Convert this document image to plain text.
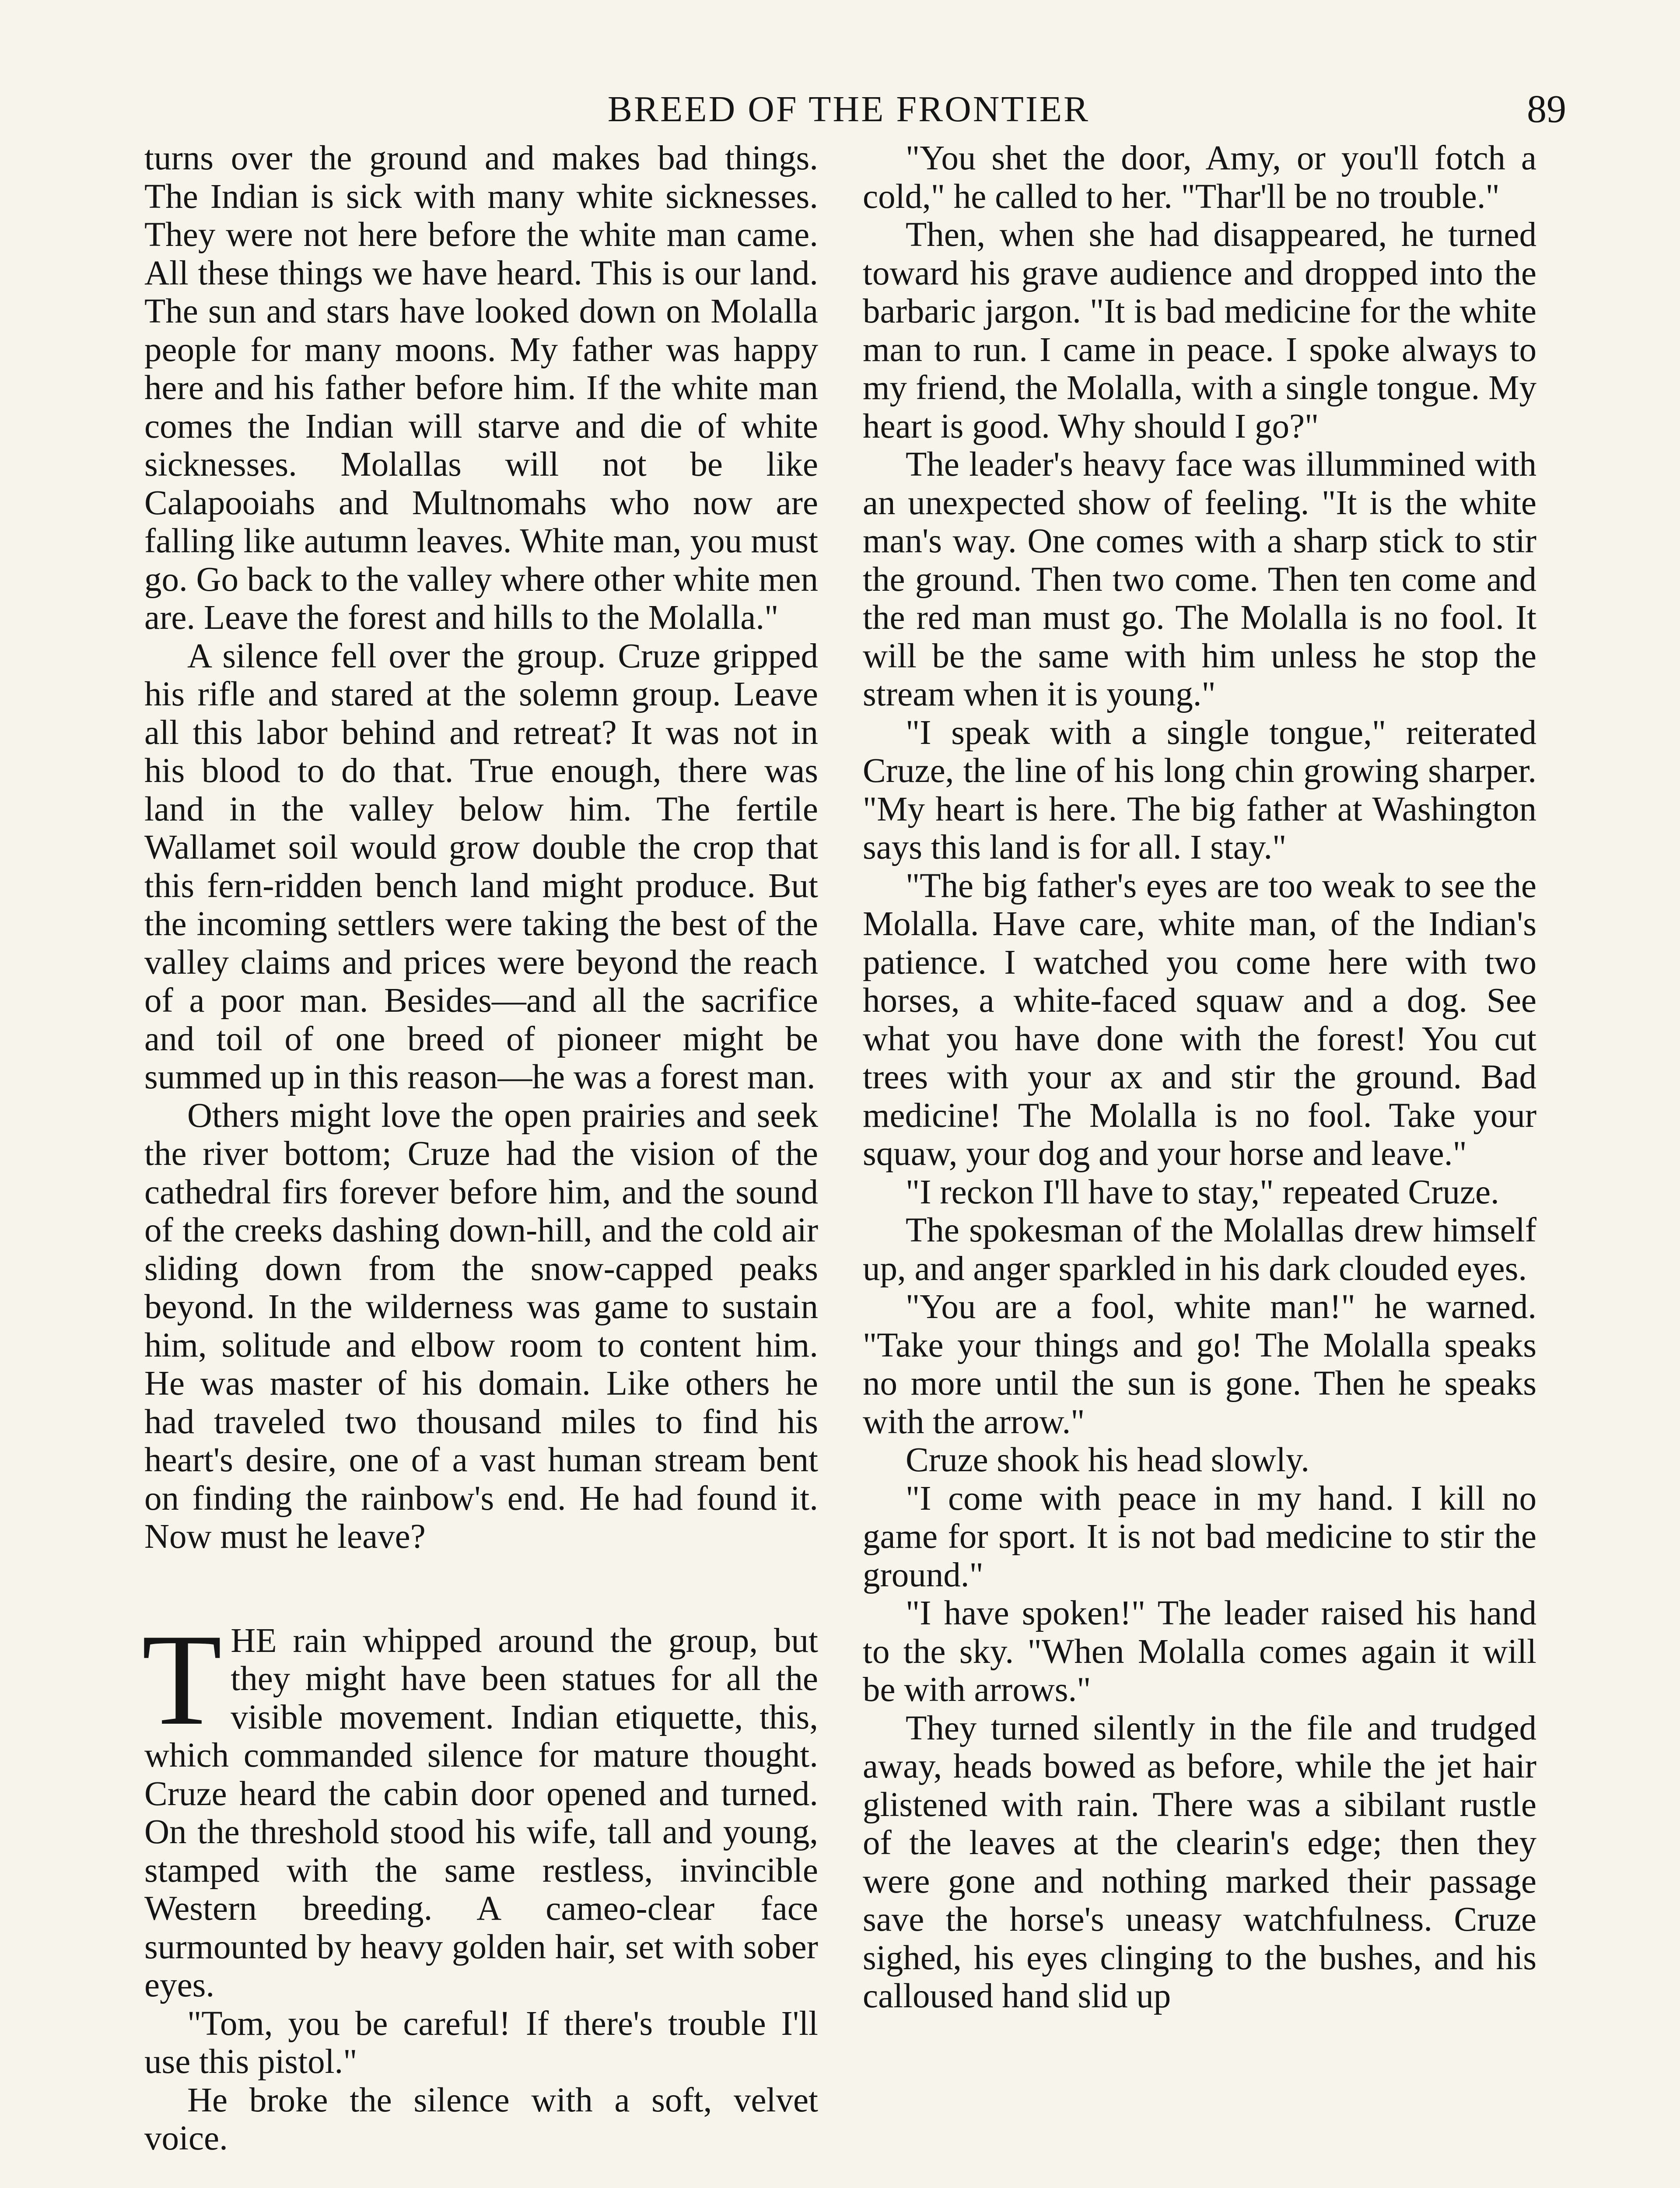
BREED OF THE FRONTIER	89

turns over the ground and makes bad things. The Indian is sick with many white sicknesses. They were not here before the white man came. All these things we have heard. This is our land. The sun and stars have looked down on Molalla people for many moons. My father was happy here and his father before him. If the white man comes the Indian will starve and die of white sicknesses. Molallas will not be like Calapooiahs and Multnomahs who now are falling like autumn leaves. White man, you must go. Go back to the valley where other white men are. Leave the forest and hills to the Molalla."

A silence fell over the group. Cruze gripped his rifle and stared at the solemn group. Leave all this labor behind and retreat? It was not in his blood to do that. True enough, there was land in the valley below him. The fertile Wallamet soil would grow double the crop that this fern-ridden bench land might produce. But the incoming settlers were taking the best of the valley claims and prices were beyond the reach of a poor man. Besides—and all the sacrifice and toil of one breed of pioneer might be summed up in this reason—he was a forest man.

Others might love the open prairies and seek the river bottom; Cruze had the vision of the cathedral firs forever before him, and the sound of the creeks dashing down-hill, and the cold air sliding down from the snow-capped peaks beyond. In the wilderness was game to sustain him, solitude and elbow room to content him. He was master of his domain. Like others he had traveled two thousand miles to find his heart's desire, one of a vast human stream bent on finding the rainbow's end. He had found it. Now must he leave?

T HE rain whipped around the group, but they might have been statues for all the visible movement. Indian etiquette, this, which commanded silence for mature thought. Cruze heard the cabin door opened and turned. On the threshold stood his wife, tall and young, stamped with the same restless, invincible Western breeding. A cameo-clear face surmounted by heavy golden hair, set with sober eyes.

"Tom, you be careful! If there's trouble I'll use this pistol."

He broke the silence with a soft, velvet voice.

"You shet the door, Amy, or you'll fotch a cold," he called to her. "Thar'll be no trouble."

Then, when she had disappeared, he turned toward his grave audience and dropped into the barbaric jargon. "It is bad medicine for the white man to run. I came in peace. I spoke always to my friend, the Molalla, with a single tongue. My heart is good. Why should I go?"

The leader's heavy face was illummined with an unexpected show of feeling. "It is the white man's way. One comes with a sharp stick to stir the ground. Then two come. Then ten come and the red man must go. The Molalla is no fool. It will be the same with him unless he stop the stream when it is young."

"I speak with a single tongue," reiterated Cruze, the line of his long chin growing sharper. "My heart is here. The big father at Washington says this land is for all. I stay."

"The big father's eyes are too weak to see the Molalla. Have care, white man, of the Indian's patience. I watched you come here with two horses, a white-faced squaw and a dog. See what you have done with the forest! You cut trees with your ax and stir the ground. Bad medicine! The Molalla is no fool. Take your squaw, your dog and your horse and leave."

"I reckon I'll have to stay," repeated Cruze.

The spokesman of the Molallas drew himself up, and anger sparkled in his dark clouded eyes.

"You are a fool, white man!" he warned. "Take your things and go! The Molalla speaks no more until the sun is gone. Then he speaks with the arrow."

Cruze shook his head slowly.

"I come with peace in my hand. I kill no game for sport. It is not bad medicine to stir the ground."

"I have spoken!" The leader raised his hand to the sky. "When Molalla comes again it will be with arrows."

They turned silently in the file and trudged away, heads bowed as before, while the jet hair glistened with rain. There was a sibilant rustle of the leaves at the clearin's edge; then they were gone and nothing marked their passage save the horse's uneasy watchfulness. Cruze sighed, his eyes clinging to the bushes, and his calloused hand slid up
